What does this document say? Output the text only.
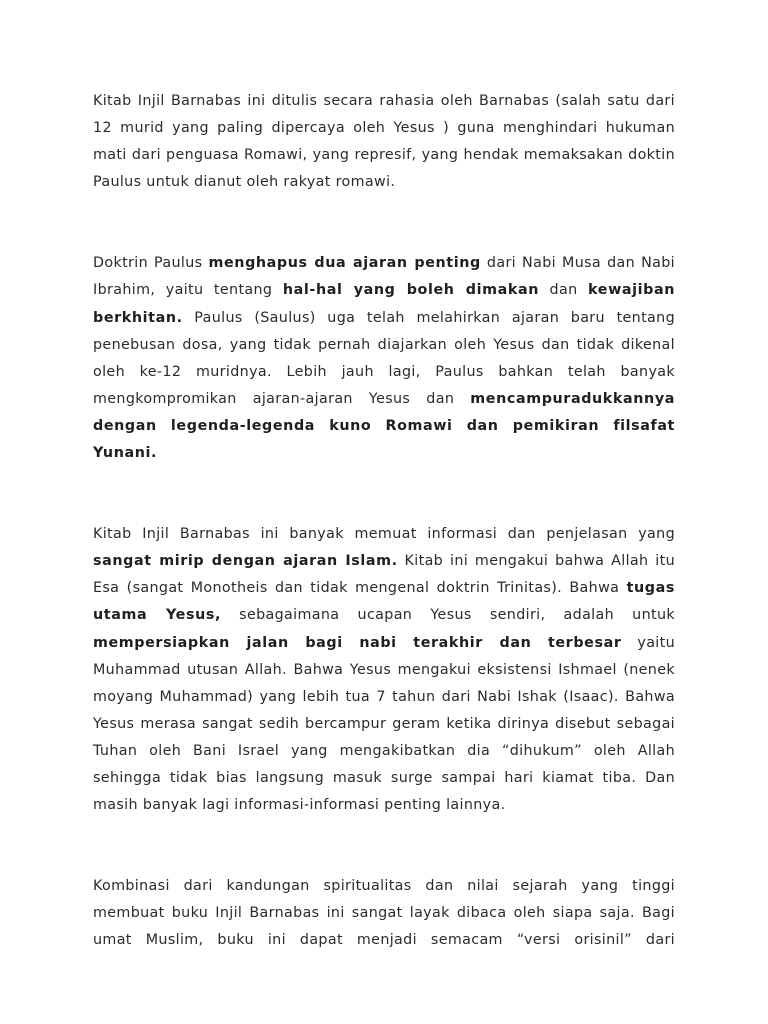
Kitab Injil Barnabas ini ditulis secara rahasia oleh Barnabas (salah satu dari 12 murid yang paling dipercaya oleh Yesus ) guna menghindari hukuman mati dari penguasa Romawi, yang represif, yang hendak memaksakan doktin Paulus untuk dianut oleh rakyat romawi.

Doktrin Paulus menghapus dua ajaran penting dari Nabi Musa dan Nabi Ibrahim, yaitu tentang hal-hal yang boleh dimakan dan kewajiban berkhitan. Paulus (Saulus) uga telah melahirkan ajaran baru tentang penebusan dosa, yang tidak pernah diajarkan oleh Yesus dan tidak dikenal oleh ke-12 muridnya. Lebih jauh lagi, Paulus bahkan telah banyak mengkompromikan ajaran-ajaran Yesus dan mencampuradukkannya dengan legenda-legenda kuno Romawi dan pemikiran filsafat Yunani.

Kitab Injil Barnabas ini banyak memuat informasi dan penjelasan yang sangat mirip dengan ajaran Islam. Kitab ini mengakui bahwa Allah itu Esa (sangat Monotheis dan tidak mengenal doktrin Trinitas). Bahwa tugas utama Yesus, sebagaimana ucapan Yesus sendiri, adalah untuk mempersiapkan jalan bagi nabi terakhir dan terbesar yaitu Muhammad utusan Allah. Bahwa Yesus mengakui eksistensi Ishmael (nenek moyang Muhammad) yang lebih tua 7 tahun dari Nabi Ishak (Isaac). Bahwa Yesus merasa sangat sedih bercampur geram ketika dirinya disebut sebagai Tuhan oleh Bani Israel yang mengakibatkan dia “dihukum” oleh Allah sehingga tidak bias langsung masuk surge sampai hari kiamat tiba. Dan masih banyak lagi informasi-informasi penting lainnya.

Kombinasi dari kandungan spiritualitas dan nilai sejarah yang tinggi membuat buku Injil Barnabas ini sangat layak dibaca oleh siapa saja. Bagi umat Muslim, buku ini dapat menjadi semacam “versi orisinil” dari
